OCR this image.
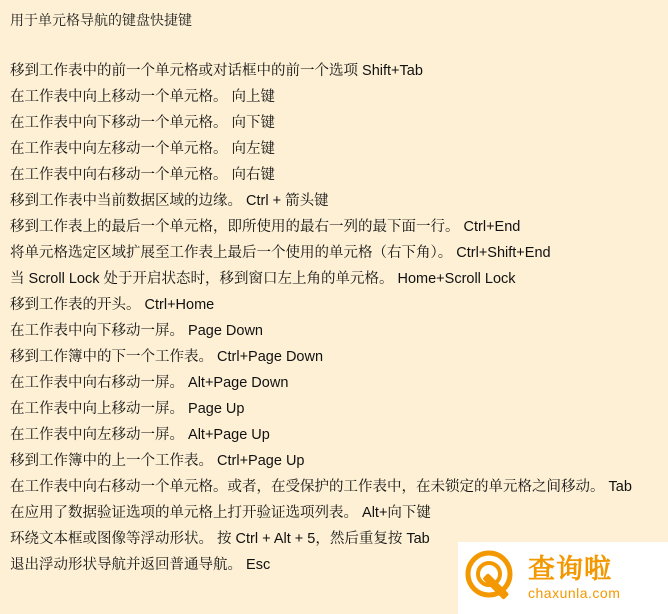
用于单元格导航的键盘快捷键
移到工作表中的前一个单元格或对话框中的前一个选项 Shift+Tab
在工作表中向上移动一个单元格。 向上键
在工作表中向下移动一个单元格。 向下键
在工作表中向左移动一个单元格。 向左键
在工作表中向右移动一个单元格。 向右键
移到工作表中当前数据区域的边缘。 Ctrl + 箭头键
移到工作表上的最后一个单元格，即所使用的最右一列的最下面一行。 Ctrl+End
将单元格选定区域扩展至工作表上最后一个使用的单元格（右下角）。 Ctrl+Shift+End
当 Scroll Lock 处于开启状态时，移到窗口左上角的单元格。 Home+Scroll Lock
移到工作表的开头。 Ctrl+Home
在工作表中向下移动一屏。 Page Down
移到工作簿中的下一个工作表。 Ctrl+Page Down
在工作表中向右移动一屏。 Alt+Page Down
在工作表中向上移动一屏。 Page Up
在工作表中向左移动一屏。 Alt+Page Up
移到工作簿中的上一个工作表。 Ctrl+Page Up
在工作表中向右移动一个单元格。或者，在受保护的工作表中，在未锁定的单元格之间移动。 Tab
在应用了数据验证选项的单元格上打开验证选项列表。 Alt+向下键
环绕文本框或图像等浮动形状。 按 Ctrl + Alt + 5，然后重复按 Tab
退出浮动形状导航并返回普通导航。 Esc	查询啦
chaxunla.com
